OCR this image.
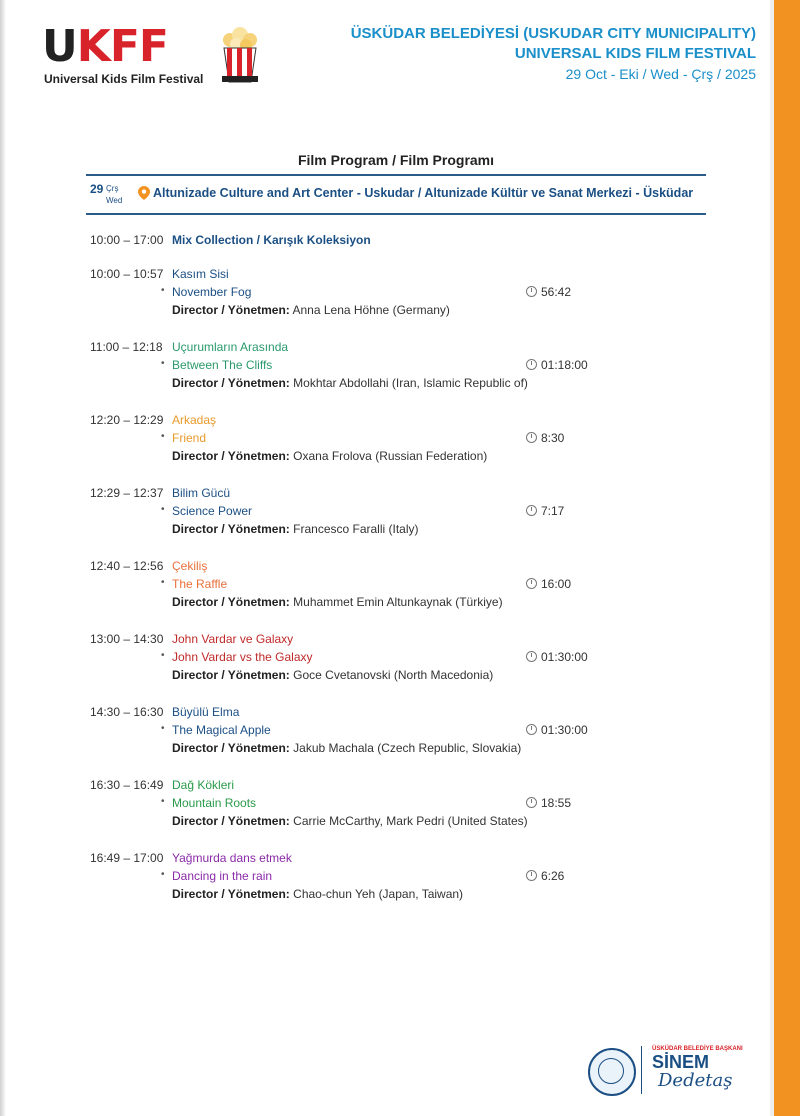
UKFF
Universal Kids Film Festival
ÜSKÜDAR BELEDİYESİ (USKUDAR CITY MUNICIPALITY)
UNIVERSAL KIDS FILM FESTIVAL
29 Oct - Eki / Wed - Çrş / 2025
Film Program / Film Programı
29 Çrş
Wed
Altunizade Culture and Art Center - Uskudar / Altunizade Kültür ve Sanat Merkezi - Üsküdar
10:00 – 17:00 Mix Collection / Karışık Koleksiyon
10:00 – 10:57 Kasım Sisi
• November Fog
Director / Yönetmen: Anna Lena Höhne (Germany)
56:42
11:00 – 12:18 Uçurumların Arasında
• Between The Cliffs
Director / Yönetmen: Mokhtar Abdollahi (Iran, Islamic Republic of)
01:18:00
12:20 – 12:29 Arkadaş
• Friend
Director / Yönetmen: Oxana Frolova (Russian Federation)
8:30
12:29 – 12:37 Bilim Gücü
• Science Power
Director / Yönetmen: Francesco Faralli (Italy)
7:17
12:40 – 12:56 Çekiliş
• The Raffle
Director / Yönetmen: Muhammet Emin Altunkaynak (Türkiye)
16:00
13:00 – 14:30 John Vardar ve Galaxy
• John Vardar vs the Galaxy
Director / Yönetmen: Goce Cvetanovski (North Macedonia)
01:30:00
14:30 – 16:30 Büyülü Elma
• The Magical Apple
Director / Yönetmen: Jakub Machala (Czech Republic, Slovakia)
01:30:00
16:30 – 16:49 Dağ Kökleri
• Mountain Roots
Director / Yönetmen: Carrie McCarthy, Mark Pedri (United States)
18:55
16:49 – 17:00 Yağmurda dans etmek
• Dancing in the rain
Director / Yönetmen: Chao-chun Yeh (Japan, Taiwan)
6:26
ÜSKÜDAR BELEDİYE BAŞKANI
SİNEM
Dedetaş
